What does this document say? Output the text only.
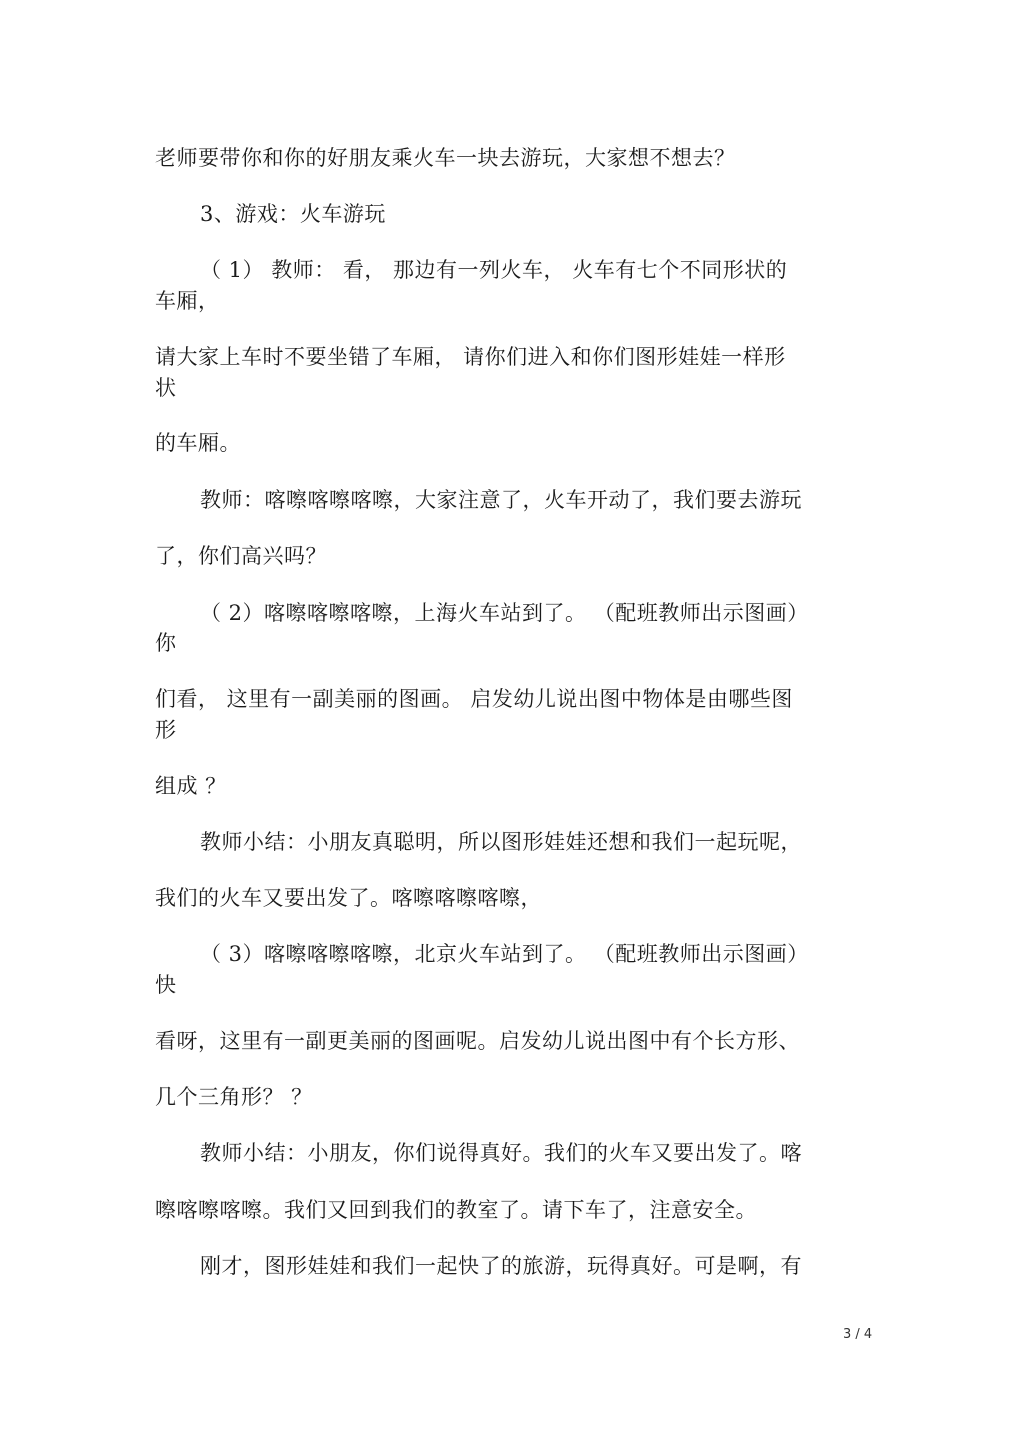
老师要带你和你的好朋友乘火车一块去游玩，大家想不想去？
3、游戏：火车游玩
（ 1） 教师： 看， 那边有一列火车， 火车有七个不同形状的
车厢，
请大家上车时不要坐错了车厢， 请你们进入和你们图形娃娃一样形
状
的车厢。
教师：喀嚓喀嚓喀嚓，大家注意了，火车开动了，我们要去游玩
了，你们高兴吗？
（ 2）喀嚓喀嚓喀嚓，上海火车站到了。 （配班教师出示图画）
你
们看， 这里有一副美丽的图画。 启发幼儿说出图中物体是由哪些图
形
组成 ？
教师小结：小朋友真聪明，所以图形娃娃还想和我们一起玩呢，
我们的火车又要出发了。喀嚓喀嚓喀嚓，
（ 3）喀嚓喀嚓喀嚓，北京火车站到了。 （配班教师出示图画）
快
看呀，这里有一副更美丽的图画呢。启发幼儿说出图中有个长方形、
几个三角形？ ？
教师小结：小朋友，你们说得真好。我们的火车又要出发了。喀
嚓喀嚓喀嚓。我们又回到我们的教室了。请下车了，注意安全。
刚才，图形娃娃和我们一起快了的旅游，玩得真好。可是啊，有
3 / 4
